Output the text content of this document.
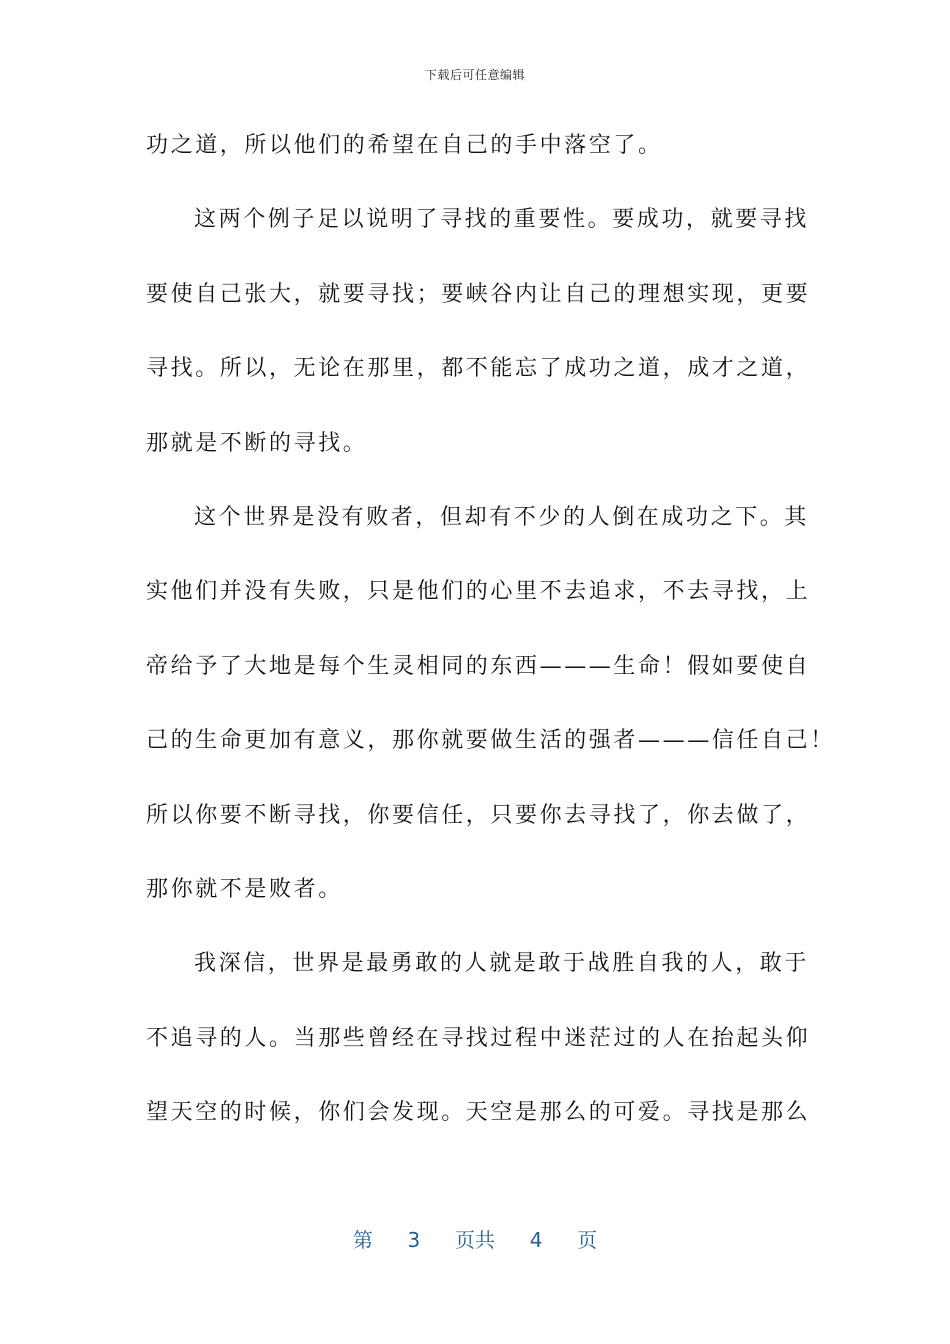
下载后可任意编辑
功之道，所以他们的希望在自己的手中落空了。
这两个例子足以说明了寻找的重要性。要成功，就要寻找
要使自己张大，就要寻找；要峡谷内让自己的理想实现，更要
寻找。所以，无论在那里，都不能忘了成功之道，成才之道，
那就是不断的寻找。
这个世界是没有败者，但却有不少的人倒在成功之下。其
实他们并没有失败，只是他们的心里不去追求，不去寻找，上
帝给予了大地是每个生灵相同的东西———生命！假如要使自
己的生命更加有意义，那你就要做生活的强者———信任自己！
所以你要不断寻找，你要信任，只要你去寻找了，你去做了，
那你就不是败者。
我深信，世界是最勇敢的人就是敢于战胜自我的人，敢于
不追寻的人。当那些曾经在寻找过程中迷茫过的人在抬起头仰
望天空的时候，你们会发现。天空是那么的可爱。寻找是那么
第 3 页共 4 页
